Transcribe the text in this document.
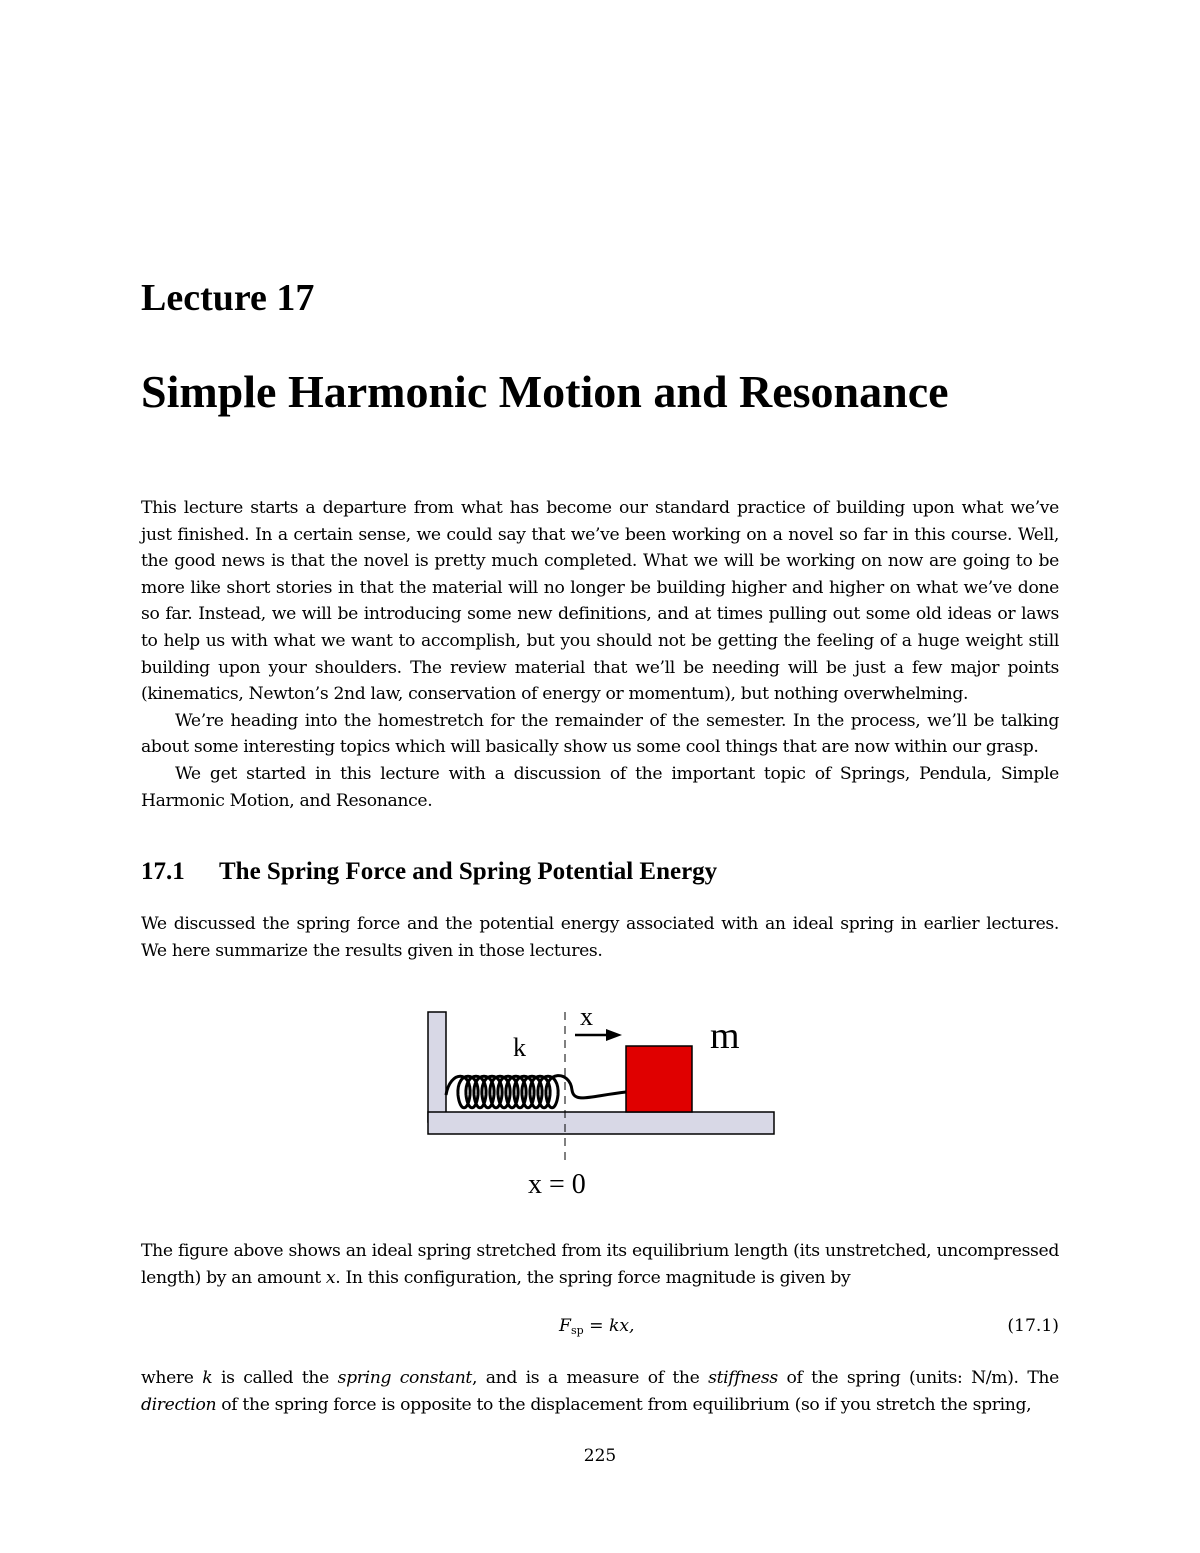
Lecture 17
Simple Harmonic Motion and Resonance

This lecture starts a departure from what has become our standard practice of building upon what we’ve just finished. In a certain sense, we could say that we’ve been working on a novel so far in this course. Well, the good news is that the novel is pretty much completed. What we will be working on now are going to be more like short stories in that the material will no longer be building higher and higher on what we’ve done so far. Instead, we will be introducing some new definitions, and at times pulling out some old ideas or laws to help us with what we want to accomplish, but you should not be getting the feeling of a huge weight still building upon your shoulders. The review material that we’ll be needing will be just a few major points (kinematics, Newton’s 2nd law, conservation of energy or momentum), but nothing overwhelming.

We’re heading into the homestretch for the remainder of the semester. In the process, we’ll be talking about some interesting topics which will basically show us some cool things that are now within our grasp.

We get started in this lecture with a discussion of the important topic of Springs, Pendula, Simple Harmonic Motion, and Resonance.

17.1 The Spring Force and Spring Potential Energy

We discussed the spring force and the potential energy associated with an ideal spring in earlier lectures. We here summarize the results given in those lectures.

x
k	m
x = 0

The figure above shows an ideal spring stretched from its equilibrium length (its unstretched, uncompressed length) by an amount x. In this configuration, the spring force magnitude is given by

$F_{sp}$ = kx,	(17.1)

where k is called the spring constant, and is a measure of the stiffness of the spring (units: N/m). The direction of the spring force is opposite to the displacement from equilibrium (so if you stretch the spring,

225
